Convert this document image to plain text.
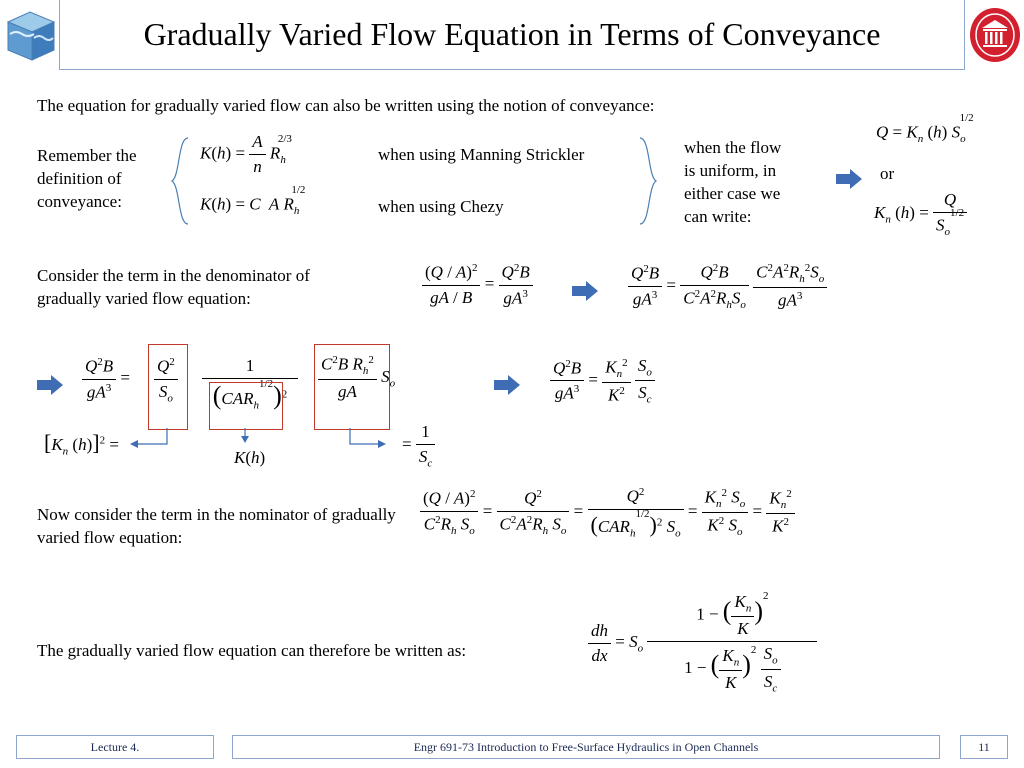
Gradually Varied Flow Equation in Terms of Conveyance
The equation for gradually varied flow can also be written using the notion of conveyance:
Remember the definition of conveyance:
$K(h) = \frac{A}{n} R_h^{2/3}$
when using Manning Strickler
K(h) = C  A $R_h^{1/2}$
when using Chezy
when the flow is uniform, in either case we can write:
$Q = K_n$ (h) $S_o^{1/2}$
or
$K_n$ $(h) = \frac{Q}{S_o^{1/2}}$
Consider the term in the denominator of gradually varied flow equation:	$\frac{(Q / A)^2}{gA / B} = \frac{Q^2B}{gA^3}$	$\frac{Q^2B}{gA^3} = \frac{Q^2B}{C^2A^2R_hS_o}$
$\frac{C^2A^2R_h^2S_o}{gA^3}$
$\frac{Q^2B}{gA^3} = \frac{Q^2}{S_o} \frac{1}{(CAR_h^{1/2})^2} \frac{C^2B R_h^2}{gA} S_o$	$\frac{Q^2B}{gA^3} = \frac{K_n^2}{K^2}$
$\frac{S_o}{S_c}$
[$K_n$ (h)]$^2$ =
K(h)
= $\frac{1}{S_c}$
Now consider the term in the nominator of gradually varied flow equation:
$\frac{(Q / A)^2}{C^2R_h S_o} = \frac{Q^2}{C^2A^2R_h S_o} = \frac{Q^2}{(CAR_h^{1/2})^2 S_o} = \frac{K_n^2 S_o}{K^2 S_o} = \frac{K_n^2}{K^2}$
The gradually varied flow equation can therefore be written as:	$\frac{dh}{dx} = S_o \frac{1 - ( \frac{K_n}{K} )^2}{1 - ( \frac{K_n}{K} )^2 \frac{S_o}{S_c}}$
Lecture 4.	Engr 691-73 Introduction to Free-Surface Hydraulics in Open Channels	11
